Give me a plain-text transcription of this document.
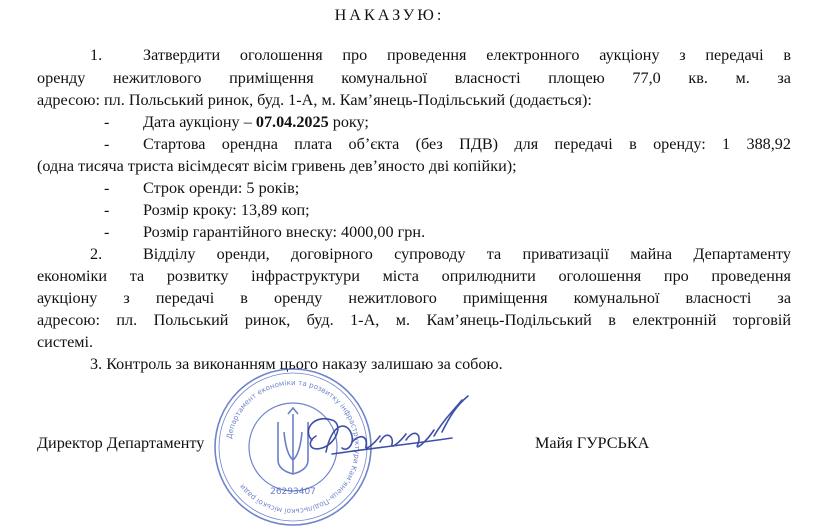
НАКАЗУЮ:
1.	Затвердити оголошення про проведення електронного аукціону з передачі в
оренду нежитлового приміщення комунальної власності площею 77,0 кв. м. за
адресою: пл. Польський ринок, буд. 1-А, м. Кам’янець-Подільський (додається):
- Дата аукціону – 07.04.2025 року;
- Стартова орендна плата об’єкта (без ПДВ) для передачі в оренду: 1 388,92
(одна тисяча триста вісімдесят вісім гривень дев’яносто дві копійки);
- Строк оренди: 5 років;
- Розмір кроку: 13,89 коп;
- Розмір гарантійного внеску: 4000,00 грн.
2.	Відділу оренди, договірного супроводу та приватизації майна Департаменту
економіки та розвитку інфраструктури міста оприлюднити оголошення про проведення
аукціону з передачі в оренду нежитлового приміщення комунальної власності за
адресою: пл. Польський ринок, буд. 1-А, м. Кам’янець-Подільський в електронній торговій
системі.
3. Контроль за виконанням цього наказу залишаю за собою.
Директор Департаменту	Майя ГУРСЬКА
Департамент економіки та розвитку інфраструктури Кам’янець-Подільської міської ради	26293407
